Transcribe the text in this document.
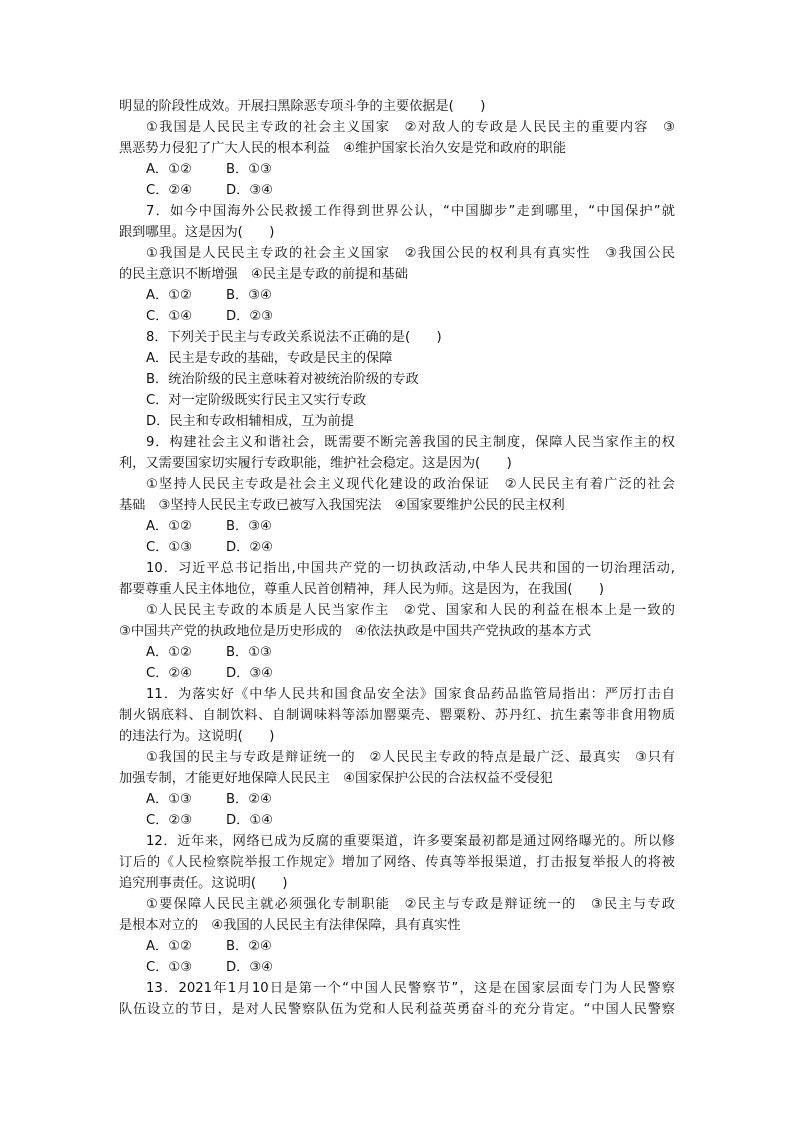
明显的阶段性成效。开展扫黑除恶专项斗争的主要依据是(　　)

①我国是人民民主专政的社会主义国家　②对敌人的专政是人民民主的重要内容　③

黑恶势力侵犯了广大人民的根本利益　④维护国家长治久安是党和政府的职能

A．①②	B．①③
C．②④	D．③④

7．如今中国海外公民救援工作得到世界公认，“中国脚步”走到哪里，“中国保护”就

跟到哪里。这是因为(　　)

①我国是人民民主专政的社会主义国家　②我国公民的权利具有真实性　③我国公民

的民主意识不断增强　④民主是专政的前提和基础

A．①②	B．③④
C．①④	D．②③

8．下列关于民主与专政关系说法不正确的是(　　)

A．民主是专政的基础，专政是民主的保障

B．统治阶级的民主意味着对被统治阶级的专政

C．对一定阶级既实行民主又实行专政

D．民主和专政相辅相成，互为前提

9．构建社会主义和谐社会，既需要不断完善我国的民主制度，保障人民当家作主的权

利，又需要国家切实履行专政职能，维护社会稳定。这是因为(　　)

①坚持人民民主专政是社会主义现代化建设的政治保证　②人民民主有着广泛的社会

基础　③坚持人民民主专政已被写入我国宪法　④国家要维护公民的民主权利

A．①②	B．③④
C．①③	D．②④

10．习近平总书记指出,中国共产党的一切执政活动,中华人民共和国的一切治理活动,

都要尊重人民主体地位，尊重人民首创精神，拜人民为师。这是因为，在我国(　　)

①人民民主专政的本质是人民当家作主　②党、国家和人民的利益在根本上是一致的

③中国共产党的执政地位是历史形成的　④依法执政是中国共产党执政的基本方式

A．①②	B．①③
C．②④	D．③④

11．为落实好《中华人民共和国食品安全法》国家食品药品监管局指出：严厉打击自

制火锅底料、自制饮料、自制调味料等添加罂粟壳、罂粟粉、苏丹红、抗生素等非食用物质

的违法行为。这说明(　　)

①我国的民主与专政是辩证统一的　②人民民主专政的特点是最广泛、最真实　③只有

加强专制，才能更好地保障人民民主　④国家保护公民的合法权益不受侵犯

A．①③	B．②④
C．②③	D．①④

12．近年来，网络已成为反腐的重要渠道，许多要案最初都是通过网络曝光的。所以修

订后的《人民检察院举报工作规定》增加了网络、传真等举报渠道，打击报复举报人的将被

追究刑事责任。这说明(　　)

①要保障人民民主就必须强化专制职能　②民主与专政是辩证统一的　③民主与专政

是根本对立的　④我国的人民民主有法律保障，具有真实性

A．①②	B．②④
C．①③	D．③④

13．2021年1月10日是第一个“中国人民警察节”，这是在国家层面专门为人民警察

队伍设立的节日，是对人民警察队伍为党和人民利益英勇奋斗的充分肯定。“中国人民警察
